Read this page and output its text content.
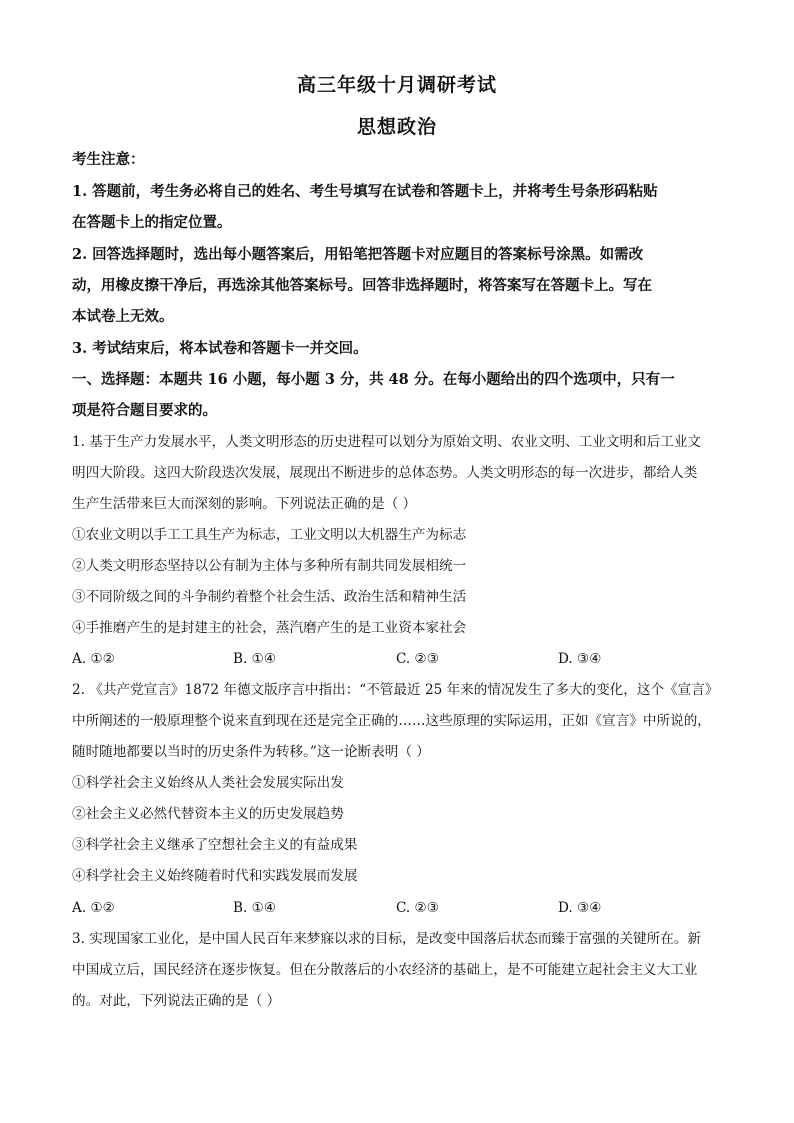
高三年级十月调研考试
思想政治
考生注意：
1. 答题前，考生务必将自己的姓名、考生号填写在试卷和答题卡上，并将考生号条形码粘贴
在答题卡上的指定位置。
2. 回答选择题时，选出每小题答案后，用铅笔把答题卡对应题目的答案标号涂黑。如需改
动，用橡皮擦干净后，再选涂其他答案标号。回答非选择题时，将答案写在答题卡上。写在
本试卷上无效。
3. 考试结束后，将本试卷和答题卡一并交回。
一、选择题：本题共 16 小题，每小题 3 分，共 48 分。在每小题给出的四个选项中，只有一
项是符合题目要求的。
1. 基于生产力发展水平，人类文明形态的历史进程可以划分为原始文明、农业文明、工业文明和后工业文
明四大阶段。这四大阶段迭次发展，展现出不断进步的总体态势。人类文明形态的每一次进步，都给人类
生产生活带来巨大而深刻的影响。下列说法正确的是（ ）
①农业文明以手工工具生产为标志，工业文明以大机器生产为标志
②人类文明形态坚持以公有制为主体与多种所有制共同发展相统一
③不同阶级之间的斗争制约着整个社会生活、政治生活和精神生活
④手推磨产生的是封建主的社会，蒸汽磨产生的是工业资本家社会
A. ①②	B. ①④	C. ②③	D. ③④
2. 《共产党宣言》1872 年德文版序言中指出：“不管最近 25 年来的情况发生了多大的变化，这个《宣言》
中所阐述的一般原理整个说来直到现在还是完全正确的……这些原理的实际运用，正如《宣言》中所说的，
随时随地都要以当时的历史条件为转移。”这一论断表明（ ）
①科学社会主义始终从人类社会发展实际出发
②社会主义必然代替资本主义的历史发展趋势
③科学社会主义继承了空想社会主义的有益成果
④科学社会主义始终随着时代和实践发展而发展
A. ①②	B. ①④	C. ②③	D. ③④
3. 实现国家工业化，是中国人民百年来梦寐以求的目标，是改变中国落后状态而臻于富强的关键所在。新
中国成立后，国民经济在逐步恢复。但在分散落后的小农经济的基础上，是不可能建立起社会主义大工业
的。对此，下列说法正确的是（ ）
